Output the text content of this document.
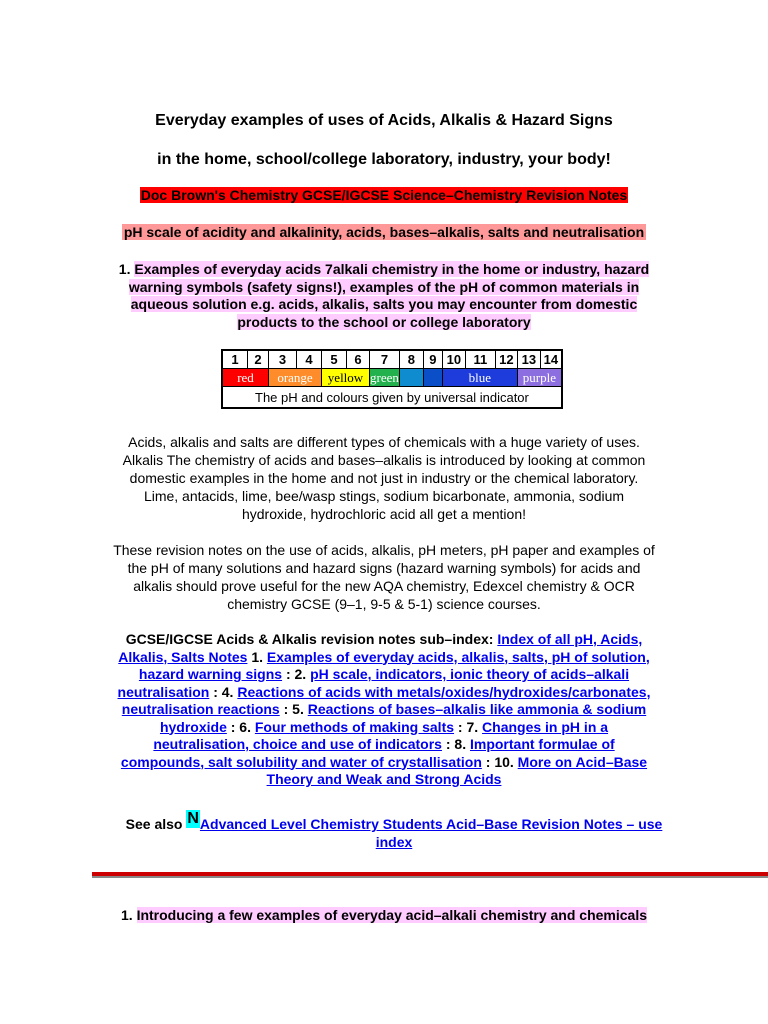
Everyday examples of uses of Acids, Alkalis & Hazard Signs
in the home, school/college laboratory, industry, your body!
Doc Brown's Chemistry GCSE/IGCSE Science–Chemistry Revision Notes
pH scale of acidity and alkalinity, acids, bases–alkalis, salts and neutralisation
1. Examples of everyday acids 7alkali chemistry in the home or industry, hazard
warning symbols (safety signs!), examples of the pH of common materials in
aqueous solution e.g. acids, alkalis, salts you may encounter from domestic
products to the school or college laboratory
1	2	3	4	5	6	7	8	9	10	11	12	13	14
red		orange		yellow		green			blue			purple	
The pH and colours given by universal indicator													
Acids, alkalis and salts are different types of chemicals with a huge variety of uses.
Alkalis The chemistry of acids and bases–alkalis is introduced by looking at common
domestic examples in the home and not just in industry or the chemical laboratory.
Lime, antacids, lime, bee/wasp stings, sodium bicarbonate, ammonia, sodium
hydroxide, hydrochloric acid all get a mention!
These revision notes on the use of acids, alkalis, pH meters, pH paper and examples of
the pH of many solutions and hazard signs (hazard warning symbols) for acids and
alkalis should prove useful for the new AQA chemistry, Edexcel chemistry & OCR
chemistry GCSE (9–1, 9-5 & 5-1) science courses.
GCSE/IGCSE Acids & Alkalis revision notes sub–index: Index of all pH, Acids,
Alkalis, Salts Notes 1. Examples of everyday acids, alkalis, salts, pH of solution,
hazard warning signs : 2. pH scale, indicators, ionic theory of acids–alkali
neutralisation : 4. Reactions of acids with metals/oxides/hydroxides/carbonates,
neutralisation reactions : 5. Reactions of bases–alkalis like ammonia & sodium
hydroxide : 6. Four methods of making salts : 7. Changes in pH in a
neutralisation, choice and use of indicators : 8. Important formulae of
compounds, salt solubility and water of crystallisation : 10. More on Acid–Base
Theory and Weak and Strong Acids
See also NAdvanced Level Chemistry Students Acid–Base Revision Notes – use
index
1. Introducing a few examples of everyday acid–alkali chemistry and chemicals
